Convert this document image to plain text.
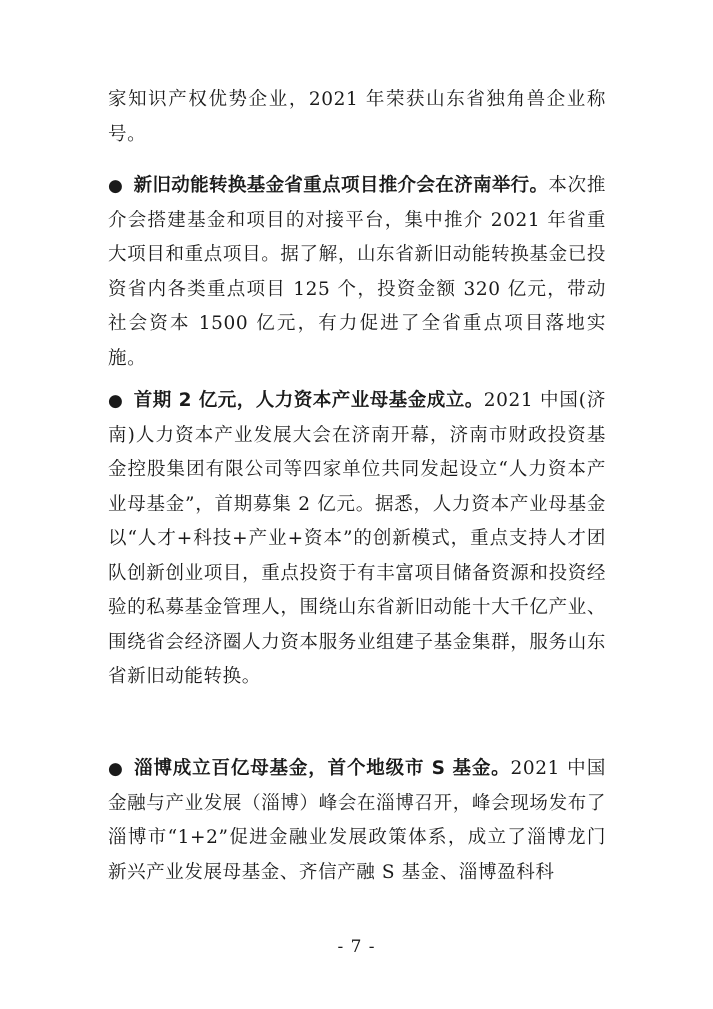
家知识产权优势企业，2021 年荣获山东省独角兽企业称号。

● 新旧动能转换基金省重点项目推介会在济南举行。本次推介会搭建基金和项目的对接平台，集中推介 2021 年省重大项目和重点项目。据了解，山东省新旧动能转换基金已投资省内各类重点项目 125 个，投资金额 320 亿元，带动社会资本 1500 亿元，有力促进了全省重点项目落地实施。

● 首期 2 亿元，人力资本产业母基金成立。2021 中国(济南)人力资本产业发展大会在济南开幕，济南市财政投资基金控股集团有限公司等四家单位共同发起设立“人力资本产业母基金”，首期募集 2 亿元。据悉，人力资本产业母基金以“人才+科技+产业+资本”的创新模式，重点支持人才团队创新创业项目，重点投资于有丰富项目储备资源和投资经验的私募基金管理人，围绕山东省新旧动能十大千亿产业、围绕省会经济圈人力资本服务业组建子基金集群，服务山东省新旧动能转换。

● 淄博成立百亿母基金，首个地级市 S 基金。2021 中国金融与产业发展（淄博）峰会在淄博召开，峰会现场发布了淄博市“1+2”促进金融业发展政策体系，成立了淄博龙门新兴产业发展母基金、齐信产融 S 基金、淄博盈科科

- 7 -
